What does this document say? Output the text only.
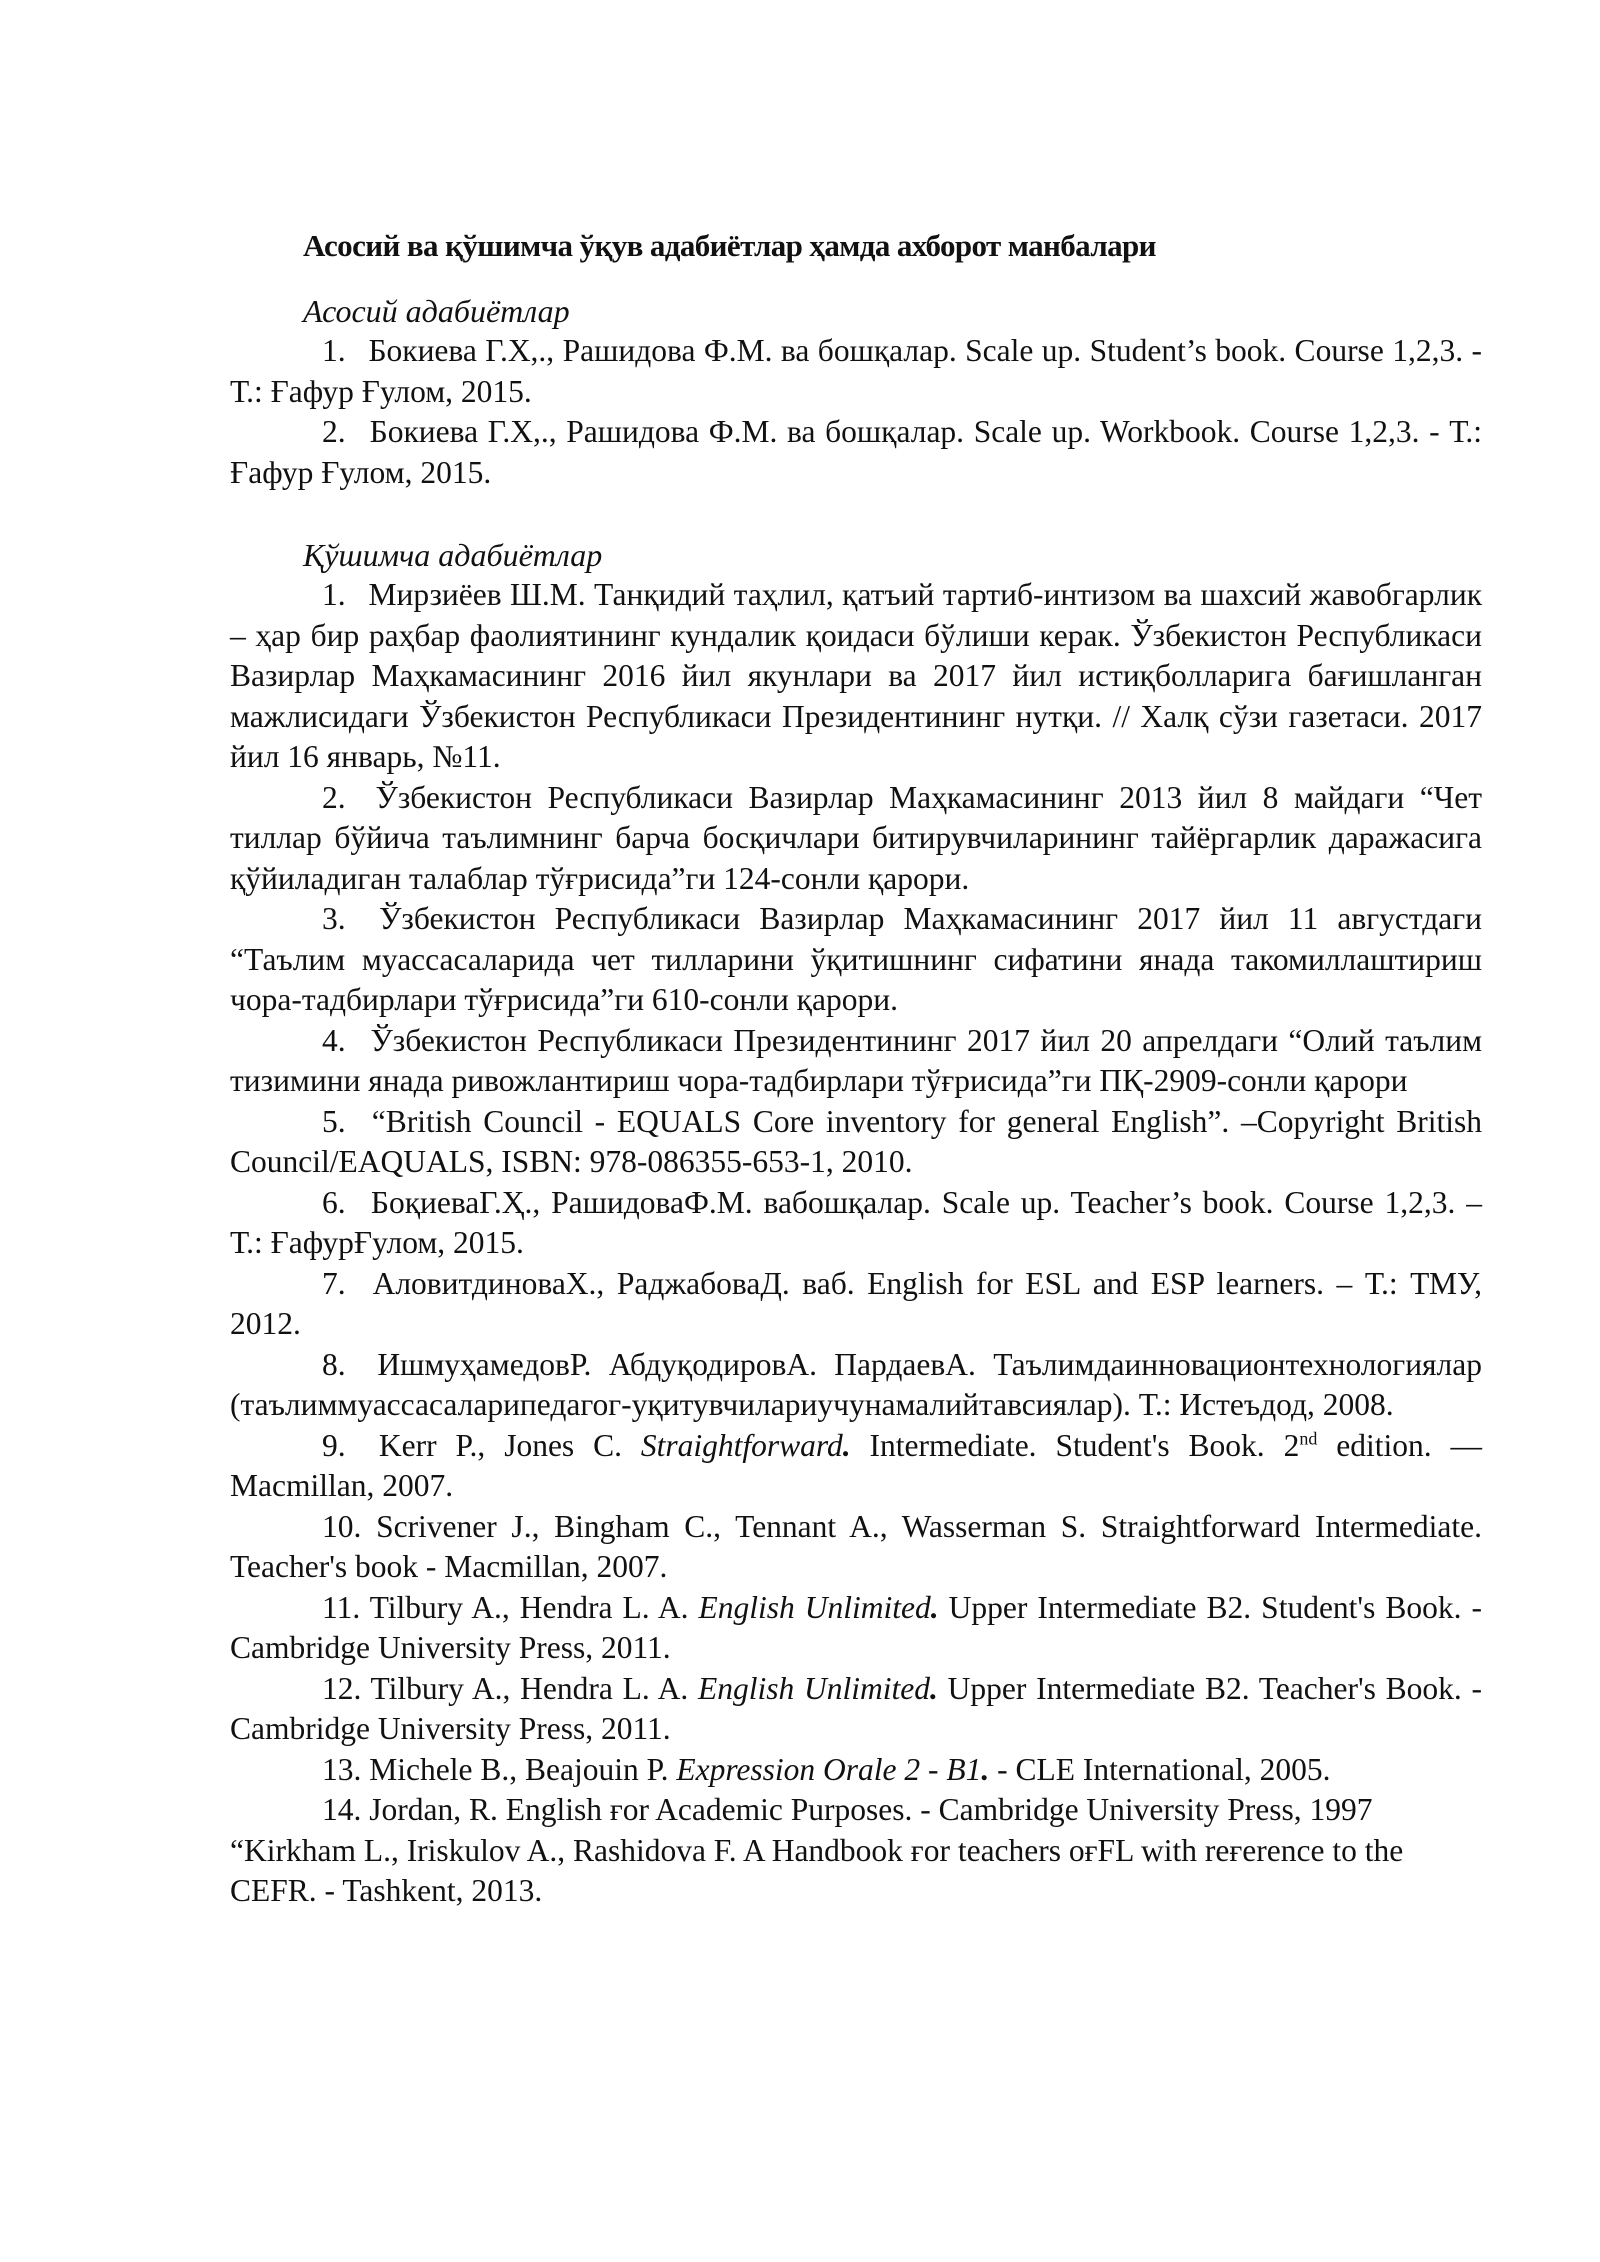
Асосий ва қўшимча ўқув адабиётлар ҳамда ахборот манбалари
Асосий адабиётлар

1. Бокиева Г.Х,., Рашидова Ф.М. ва бошқалар. Scale up. Student’s book. Course 1,2,3. - Т.: Ғафур Ғулом, 2015.

2. Бокиева Г.Х,., Рашидова Ф.М. ва бошқалар. Scale up. Workbook. Course 1,2,3. - Т.: Ғафур Ғулом, 2015.

Қўшимча адабиётлар

1. Мирзиёев Ш.М. Танқидий таҳлил, қатъий тартиб-интизом ва шахсий жавобгарлик – ҳар бир раҳбар фаолиятининг кундалик қоидаси бўлиши керак. Ўзбекистон Республикаси Вазирлар Маҳкамасининг 2016 йил якунлари ва 2017 йил истиқболларига бағишланган мажлисидаги Ўзбекистон Республикаси Президентининг нутқи. // Халқ сўзи газетаси. 2017 йил 16 январь, №11.

2. Ўзбекистон Республикаси Вазирлар Маҳкамасининг 2013 йил 8 майдаги “Чет тиллар бўйича таълимнинг барча босқичлари битирувчиларининг тайёргарлик даражасига қўйиладиган талаблар тўғрисида”ги 124-сонли қарори.

3. Ўзбекистон Республикаси Вазирлар Маҳкамасининг 2017 йил 11 августдаги “Таълим муассасаларида чет тилларини ўқитишнинг сифатини янада такомиллаштириш чора-тадбирлари тўғрисида”ги 610-сонли қарори.

4. Ўзбекистон Республикаси Президентининг 2017 йил 20 апрелдаги “Олий таълим тизимини янада ривожлантириш чора-тадбирлари тўғрисида”ги ПҚ-2909-сонли қарори

5. “British Council - EQUALS Core inventory for general English”. –Copyright British Council/EAQUALS, ISBN: 978-086355-653-1, 2010.

6. БоқиеваГ.Ҳ., РашидоваФ.М. вабошқалар. Scale up. Teacher’s book. Course 1,2,3. – Т.: ҒафурҒулом, 2015.

7. АловитдиноваХ., РаджабоваД. ваб. English for ESL and ESP learners. – Т.: ТМУ, 2012.

8. ИшмуҳамедовР. АбдуқодировА. ПардаевА. Таълимдаинновационтехнологиялар (таълиммуассасаларипедагог-уқитувчилариучунамалийтавсиялар). Т.: Истеъдод, 2008.

9. Kerr P., Jones C. Straightforward. Intermediate. Student's Book. 2nd edition. — Macmillan, 2007.

10. Scrivener J., Bingham C., Tennant A., Wasserman S. Straightforward Intermediate. Teacher's book - Macmillan, 2007.

11. Tilbury A., Hendra L. A. English Unlimited. Upper Intermediate B2. Student's Book. - Cambridge University Press, 2011.

12. Tilbury A., Hendra L. A. English Unlimited. Upper Intermediate B2. Teacher's Book. - Cambridge University Press, 2011.

13. Michele B., Beajouin P. Expression Orale 2 - B1. - CLE International, 2005.

14. Jordan, R. English ғor Academic Purposes. - Cambridge University Press, 1997

“Kirkham L., Iriskulov A., Rashidova F. A Handbook ғor teachers oғFL with reғerence to the CEFR. - Tashkent, 2013.
